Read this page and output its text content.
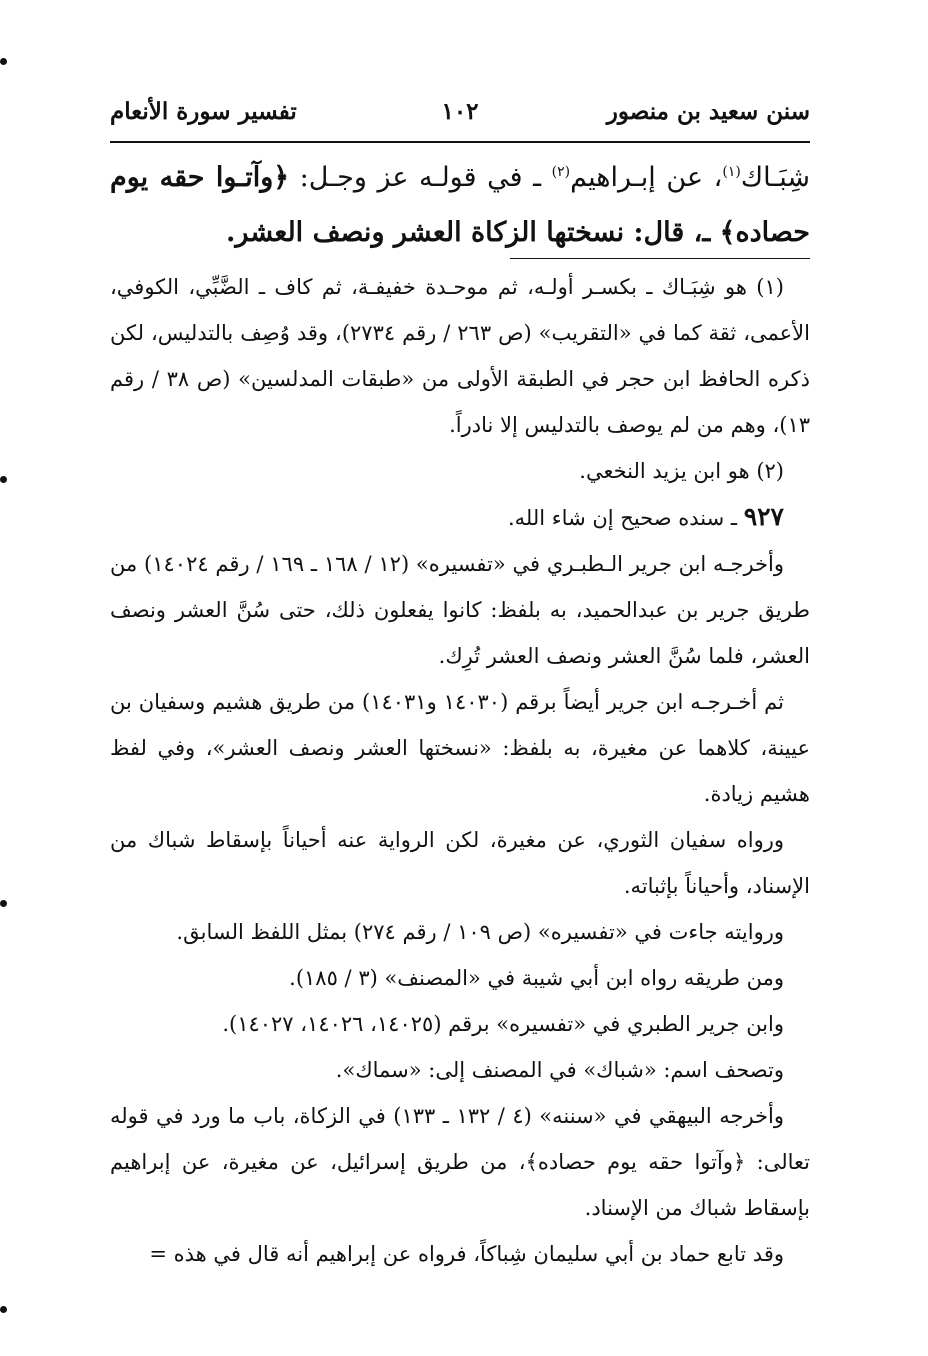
سنن سعيد بن منصور
١٠٢
تفسير سورة الأنعام
شِبَـاك$^{(١)}$، عن إبـراهيم$^{(٢)}$ ـ في قولـه عز وجـل: ﴿وآتـوا حقه يوم حصاده﴾ ـ، قال: نسختها الزكاة العشر ونصف العشر.

(١) هو شِبَـاك ـ بكسـر أولـه، ثم موحـدة خفيفـة، ثم كاف ـ الضَّبِّي، الكوفي، الأعمى، ثقة كما في «التقريب» (ص ٢٦٣ / رقم ٢٧٣٤)، وقد وُصِف بالتدليس، لكن ذكره الحافظ ابن حجر في الطبقة الأولى من «طبقات المدلسين» (ص ٣٨ / رقم ١٣)، وهم من لم يوصف بالتدليس إلا نادراً.

(٢) هو ابن يزيد النخعي.

٩٢٧ ـ سنده صحيح إن شاء الله.

وأخرجـه ابن جرير الـطبـري في «تفسيره» (١٢ / ١٦٨ ـ ١٦٩ / رقم ١٤٠٢٤) من طريق جرير بن عبدالحميد، به بلفظ: كانوا يفعلون ذلك، حتى سُنَّ العشر ونصف العشر، فلما سُنَّ العشر ونصف العشر تُرِك.

ثم أخـرجـه ابن جرير أيضاً برقم (١٤٠٣٠ و١٤٠٣١) من طريق هشيم وسفيان بن عيينة، كلاهما عن مغيرة، به بلفظ: «نسختها العشر ونصف العشر»، وفي لفظ هشيم زيادة.

ورواه سفيان الثوري، عن مغيرة، لكن الرواية عنه أحياناً بإسقاط شباك من الإسناد، وأحياناً بإثباته.

وروايته جاءت في «تفسيره» (ص ١٠٩ / رقم ٢٧٤) بمثل اللفظ السابق.

ومن طريقه رواه ابن أبي شيبة في «المصنف» (٣ / ١٨٥).

وابن جرير الطبري في «تفسيره» برقم (١٤٠٢٥، ١٤٠٢٦، ١٤٠٢٧).

وتصحف اسم: «شباك» في المصنف إلى: «سماك».

وأخرجه البيهقي في «سننه» (٤ / ١٣٢ ـ ١٣٣) في الزكاة، باب ما ورد في قوله تعالى: ﴿وآتوا حقه يوم حصاده﴾، من طريق إسرائيل، عن مغيرة، عن إبراهيم بإسقاط شباك من الإسناد.

وقد تابع حماد بن أبي سليمان شِباكاً، فرواه عن إبراهيم أنه قال في هذه =
